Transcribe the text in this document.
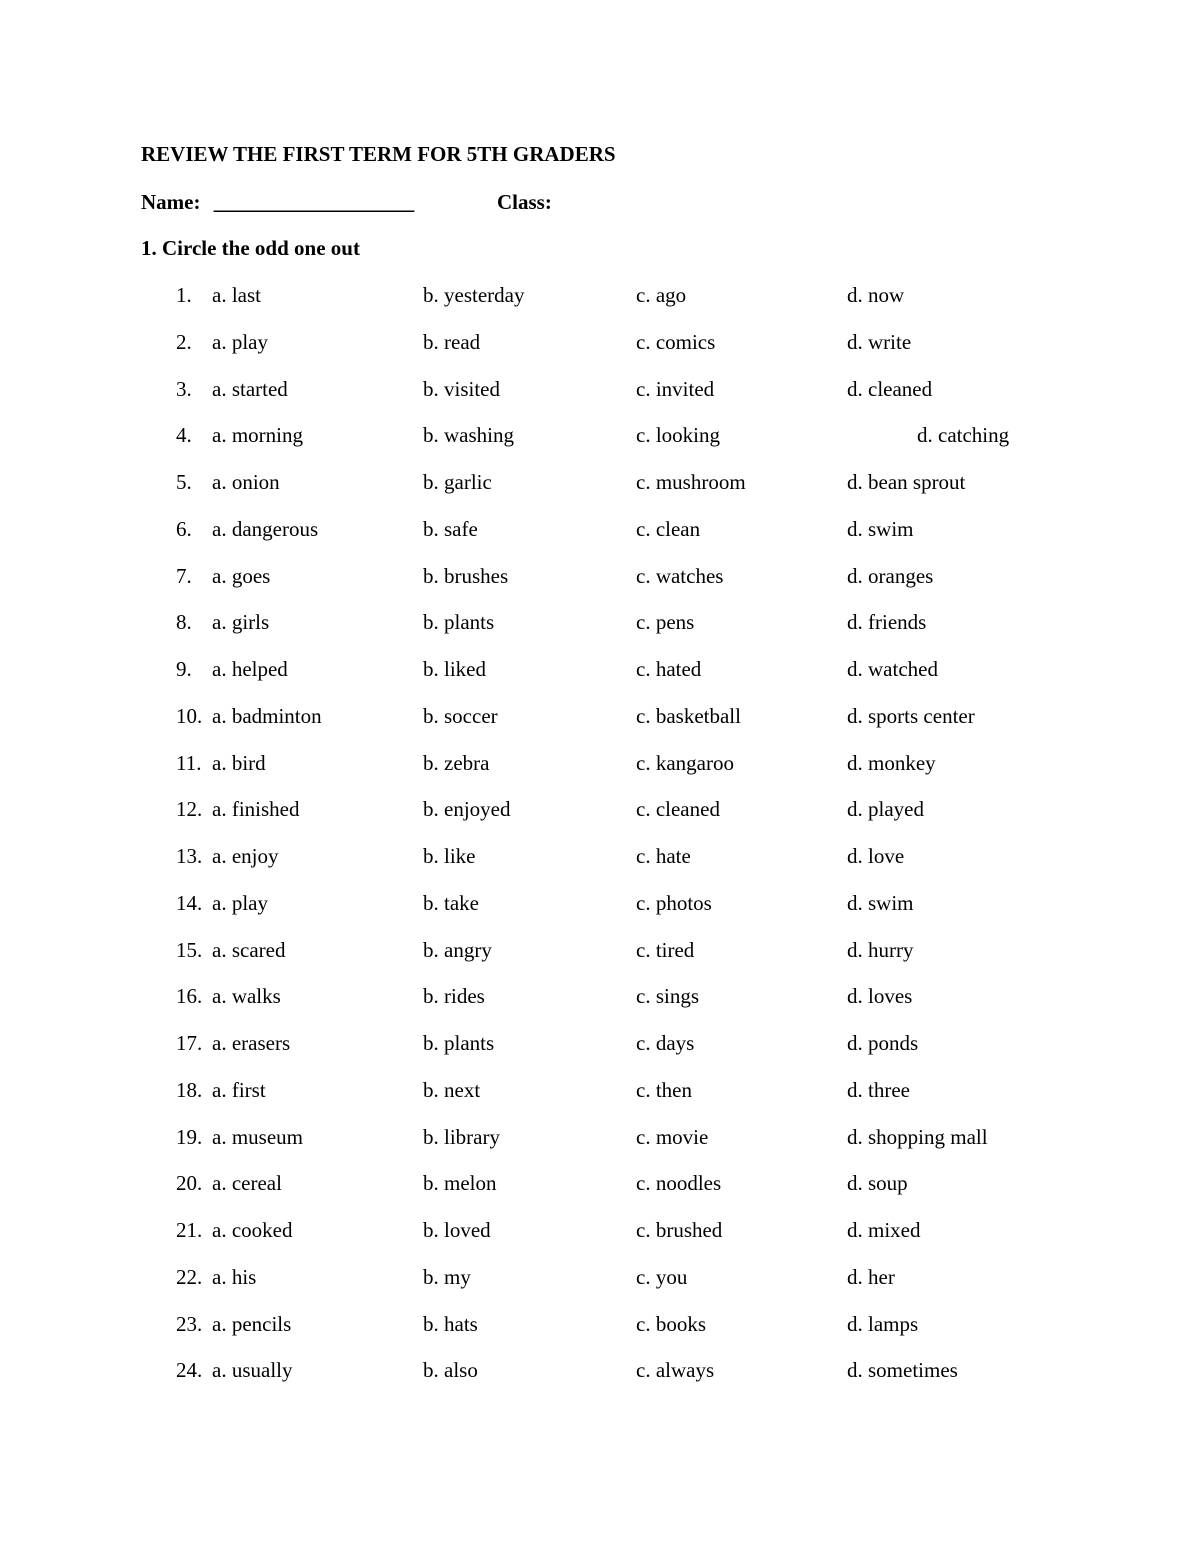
REVIEW THE FIRST TERM FOR 5TH GRADERS
Name: _____________________	Class:
1. Circle the odd one out
1. a. last	b. yesterday	c. ago	d. now
2. a. play	b. read	c. comics	d. write
3. a. started	b. visited	c. invited	d. cleaned
4. a. morning	b. washing	c. looking	d. catching
5. a. onion	b. garlic	c. mushroom	d. bean sprout
6. a. dangerous	b. safe	c. clean	d. swim
7. a. goes	b. brushes	c. watches	d. oranges
8. a. girls	b. plants	c. pens	d. friends
9. a. helped	b. liked	c. hated	d. watched
10. a. badminton	b. soccer	c. basketball	d. sports center
11. a. bird	b. zebra	c. kangaroo	d. monkey
12. a. finished	b. enjoyed	c. cleaned	d. played
13. a. enjoy	b. like	c. hate	d. love
14. a. play	b. take	c. photos	d. swim
15. a. scared	b. angry	c. tired	d. hurry
16. a. walks	b. rides	c. sings	d. loves
17. a. erasers	b. plants	c. days	d. ponds
18. a. first	b. next	c. then	d. three
19. a. museum	b. library	c. movie	d. shopping mall
20. a. cereal	b. melon	c. noodles	d. soup
21. a. cooked	b. loved	c. brushed	d. mixed
22. a. his	b. my	c. you	d. her
23. a. pencils	b. hats	c. books	d. lamps
24. a. usually	b. also	c. always	d. sometimes
